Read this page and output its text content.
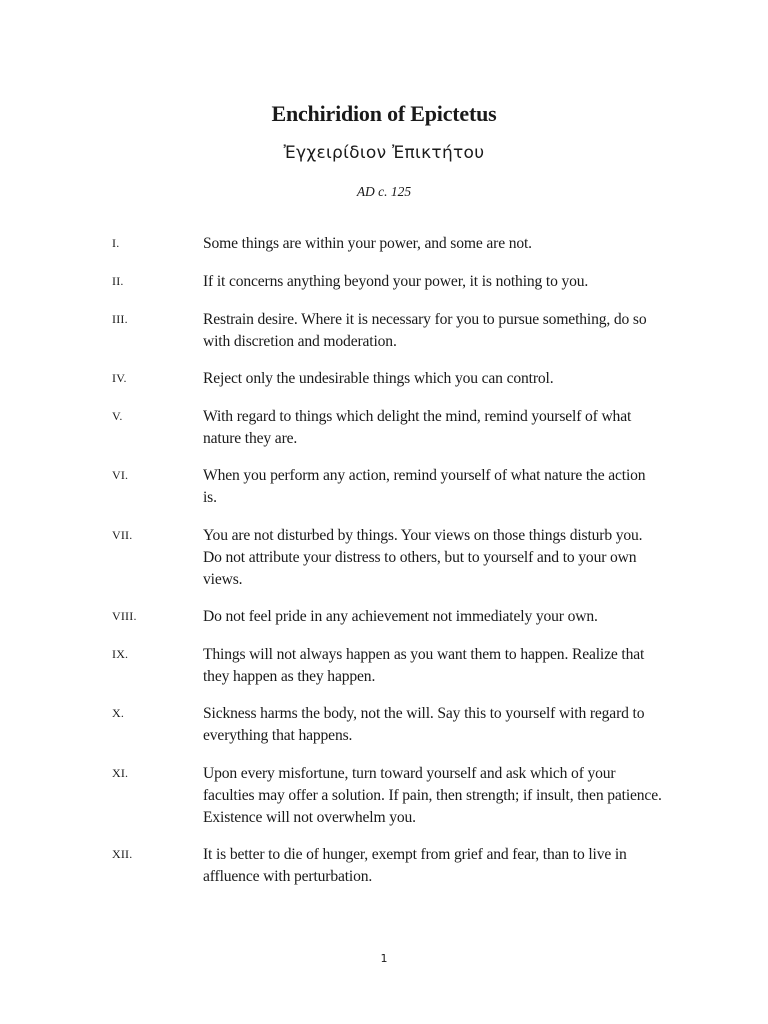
Enchiridion of Epictetus
Ἐγχειρίδιον Ἐπικτήτου
AD c. 125
I.	Some things are within your power, and some are not.
II.	If it concerns anything beyond your power, it is nothing to you.
III.	Restrain desire. Where it is necessary for you to pursue something, do so with discretion and moderation.
IV.	Reject only the undesirable things which you can control.
V.	With regard to things which delight the mind, remind yourself of what nature they are.
VI.	When you perform any action, remind yourself of what nature the action is.
VII.	You are not disturbed by things. Your views on those things disturb you. Do not attribute your distress to others, but to yourself and to your own views.
VIII.	Do not feel pride in any achievement not immediately your own.
IX.	Things will not always happen as you want them to happen. Realize that they happen as they happen.
X.	Sickness harms the body, not the will. Say this to yourself with regard to everything that happens.
XI.	Upon every misfortune, turn toward yourself and ask which of your faculties may offer a solution. If pain, then strength; if insult, then patience. Existence will not overwhelm you.
XII.	It is better to die of hunger, exempt from grief and fear, than to live in affluence with perturbation.
1
